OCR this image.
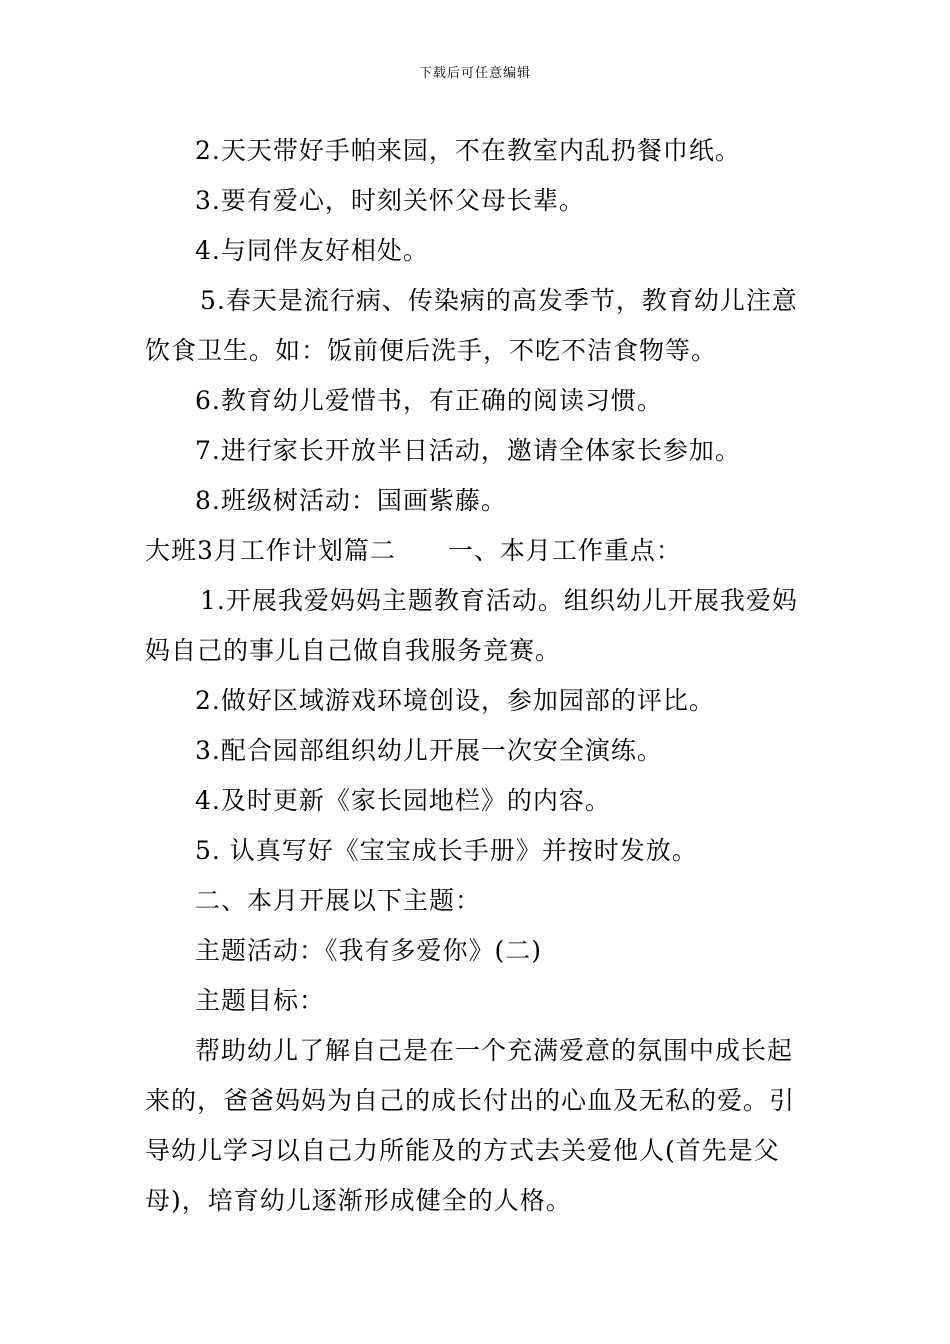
下载后可任意编辑
2.天天带好手帕来园，不在教室内乱扔餐巾纸。
3.要有爱心，时刻关怀父母长辈。
4.与同伴友好相处。
5.春天是流行病、传染病的高发季节，教育幼儿注意
饮食卫生。如：饭前便后洗手，不吃不洁食物等。
6.教育幼儿爱惜书，有正确的阅读习惯。
7.进行家长开放半日活动，邀请全体家长参加。
8.班级树活动：国画紫藤。
大班3月工作计划篇二 一、本月工作重点：
1.开展我爱妈妈主题教育活动。组织幼儿开展我爱妈
妈自己的事儿自己做自我服务竞赛。
2.做好区域游戏环境创设，参加园部的评比。
3.配合园部组织幼儿开展一次安全演练。
4.及时更新《家长园地栏》的内容。
5. 认真写好《宝宝成长手册》并按时发放。
二、本月开展以下主题：
主题活动：《我有多爱你》(二)
主题目标：
帮助幼儿了解自己是在一个充满爱意的氛围中成长起
来的，爸爸妈妈为自己的成长付出的心血及无私的爱。引
导幼儿学习以自己力所能及的方式去关爱他人(首先是父
母)，培育幼儿逐渐形成健全的人格。
